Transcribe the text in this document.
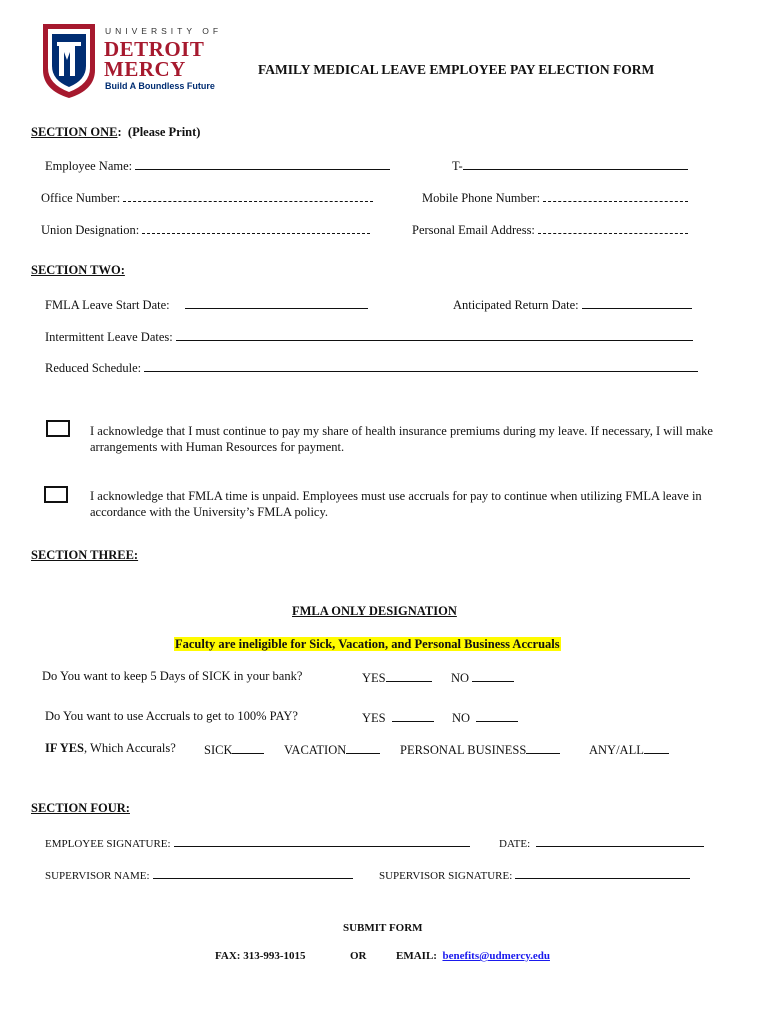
UNIVERSITY OF
DETROIT
MERCY
Build A Boundless Future
FAMILY MEDICAL LEAVE EMPLOYEE PAY ELECTION FORM
SECTION ONE: (Please Print)
Employee Name:	T-
Office Number:	Mobile Phone Number:
Union Designation:	Personal Email Address:
SECTION TWO:
FMLA Leave Start Date:	Anticipated Return Date:
Intermittent Leave Dates:
Reduced Schedule:
I acknowledge that I must continue to pay my share of health insurance premiums during my leave. If necessary, I will make arrangements with Human Resources for payment.
I acknowledge that FMLA time is unpaid. Employees must use accruals for pay to continue when utilizing FMLA leave in accordance with the University’s FMLA policy.
SECTION THREE:
FMLA ONLY DESIGNATION
Faculty are ineligible for Sick, Vacation, and Personal Business Accruals
Do You want to keep 5 Days of SICK in your bank?	YES	NO
Do You want to use Accruals to get to 100% PAY?	YES	NO
IF YES, Which Accurals? SICK	VACATION	PERSONAL BUSINESS	ANY/ALL
SECTION FOUR:
EMPLOYEE SIGNATURE:	DATE:
SUPERVISOR NAME:	SUPERVISOR SIGNATURE:
SUBMIT FORM
FAX: 313-993-1015	OR	EMAIL: benefits@udmercy.edu
